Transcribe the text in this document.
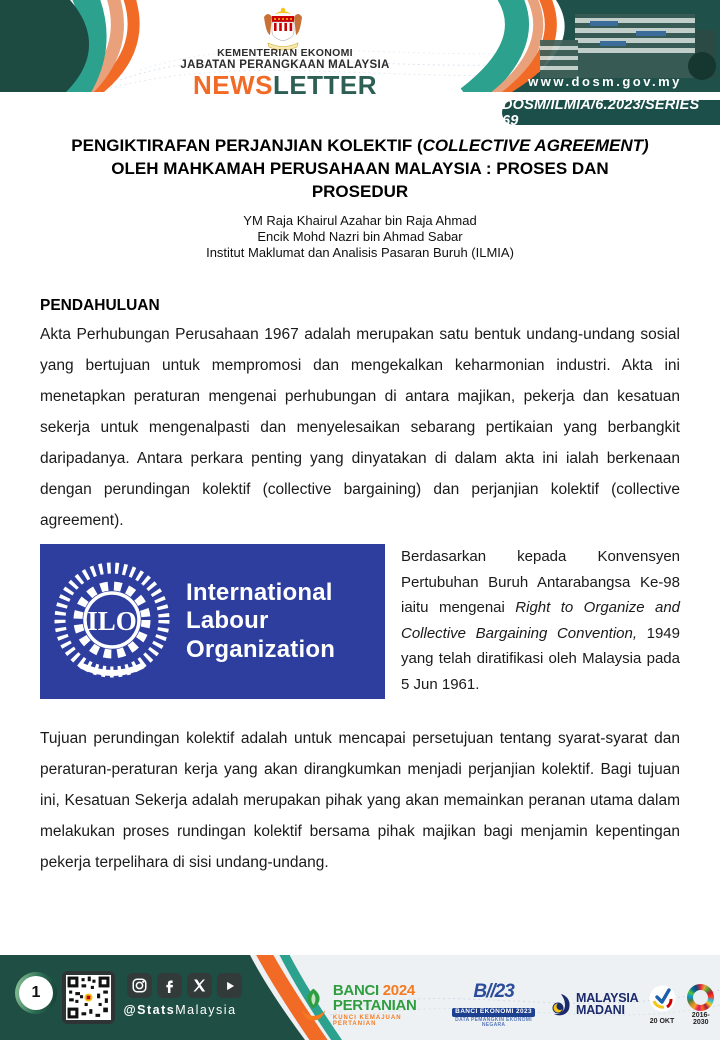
KEMENTERIAN EKONOMI
JABATAN PERANGKAAN MALAYSIA
NEWSLETTER	www.dosm.gov.my
DOSM/ILMIA/6.2023/SERIES 69
PENGIKTIRAFAN PERJANJIAN KOLEKTIF (COLLECTIVE AGREEMENT)
OLEH MAHKAMAH PERUSAHAAN MALAYSIA : PROSES DAN
PROSEDUR
YM Raja Khairul Azahar bin Raja Ahmad
Encik Mohd Nazri bin Ahmad Sabar
Institut Maklumat dan Analisis Pasaran Buruh (ILMIA)
PENDAHULUAN

Akta Perhubungan Perusahaan 1967 adalah merupakan satu bentuk undang-undang sosial yang bertujuan untuk mempromosi dan mengekalkan keharmonian industri. Akta ini menetapkan peraturan mengenai perhubungan di antara majikan, pekerja dan kesatuan sekerja untuk mengenalpasti dan menyelesaikan sebarang pertikaian yang berbangkit daripadanya. Antara perkara penting yang dinyatakan di dalam akta ini ialah berkenaan dengan perundingan kolektif (collective bargaining) dan perjanjian kolektif (collective agreement).

ILO
International
Labour
Organization

Berdasarkan kepada Konvensyen Pertubuhan Buruh Antarabangsa Ke-98 iaitu mengenai Right to Organize and Collective Bargaining Convention, 1949 yang telah diratifikasi oleh Malaysia pada 5 Jun 1961.

Tujuan perundingan kolektif adalah untuk mencapai persetujuan tentang syarat-syarat dan peraturan-peraturan kerja yang akan dirangkumkan menjadi perjanjian kolektif. Bagi tujuan ini, Kesatuan Sekerja adalah merupakan pihak yang akan memainkan peranan utama dalam melakukan proses rundingan kolektif bersama pihak majikan bagi menjamin kepentingan pekerja terpelihara di sisi undang-undang.

1
@StatsMalaysia
BANCI 2024
PERTANIAN
KUNCI KEMAJUAN PERTANIAN
B//23
BANCI EKONOMI 2023
DATA PEMANGKIN EKONOMI NEGARA
MALAYSIA
MADANI
20 OKT
2016-2030
